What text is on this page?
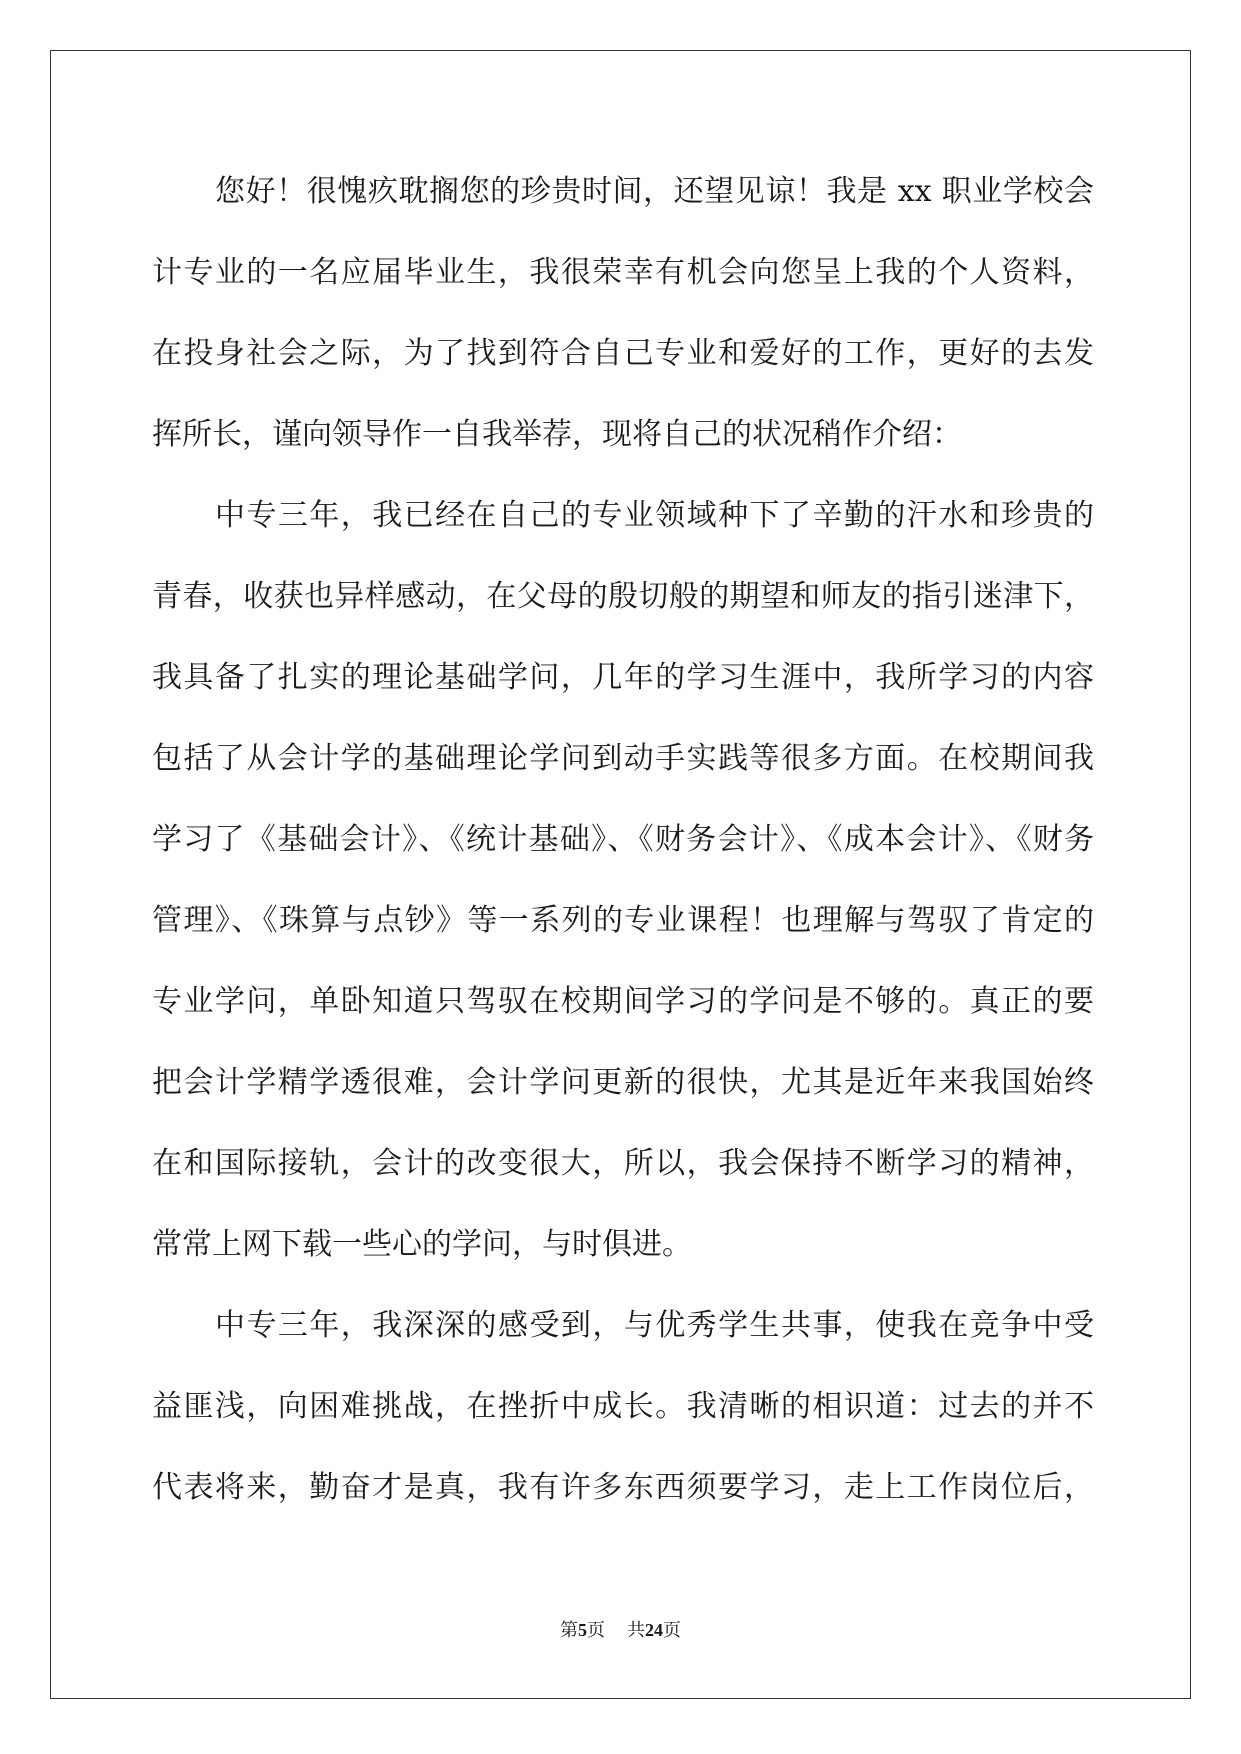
您好！很愧疚耽搁您的珍贵时间，还望见谅！我是 xx 职业学校会
计专业的一名应届毕业生，我很荣幸有机会向您呈上我的个人资料，
在投身社会之际，为了找到符合自己专业和爱好的工作，更好的去发
挥所长，谨向领导作一自我举荐，现将自己的状况稍作介绍：
中专三年，我已经在自己的专业领域种下了辛勤的汗水和珍贵的
青春，收获也异样感动，在父母的殷切般的期望和师友的指引迷津下，
我具备了扎实的理论基础学问，几年的学习生涯中，我所学习的内容
包括了从会计学的基础理论学问到动手实践等很多方面。在校期间我
学习了《基础会计》、《统计基础》、《财务会计》、《成本会计》、《财务
管理》、《珠算与点钞》等一系列的专业课程！也理解与驾驭了肯定的
专业学问，单卧知道只驾驭在校期间学习的学问是不够的。真正的要
把会计学精学透很难，会计学问更新的很快，尤其是近年来我国始终
在和国际接轨，会计的改变很大，所以，我会保持不断学习的精神，
常常上网下载一些心的学问，与时俱进。
中专三年，我深深的感受到，与优秀学生共事，使我在竞争中受
益匪浅，向困难挑战，在挫折中成长。我清晰的相识道：过去的并不
代表将来，勤奋才是真，我有许多东西须要学习，走上工作岗位后，
第5页 共24页
